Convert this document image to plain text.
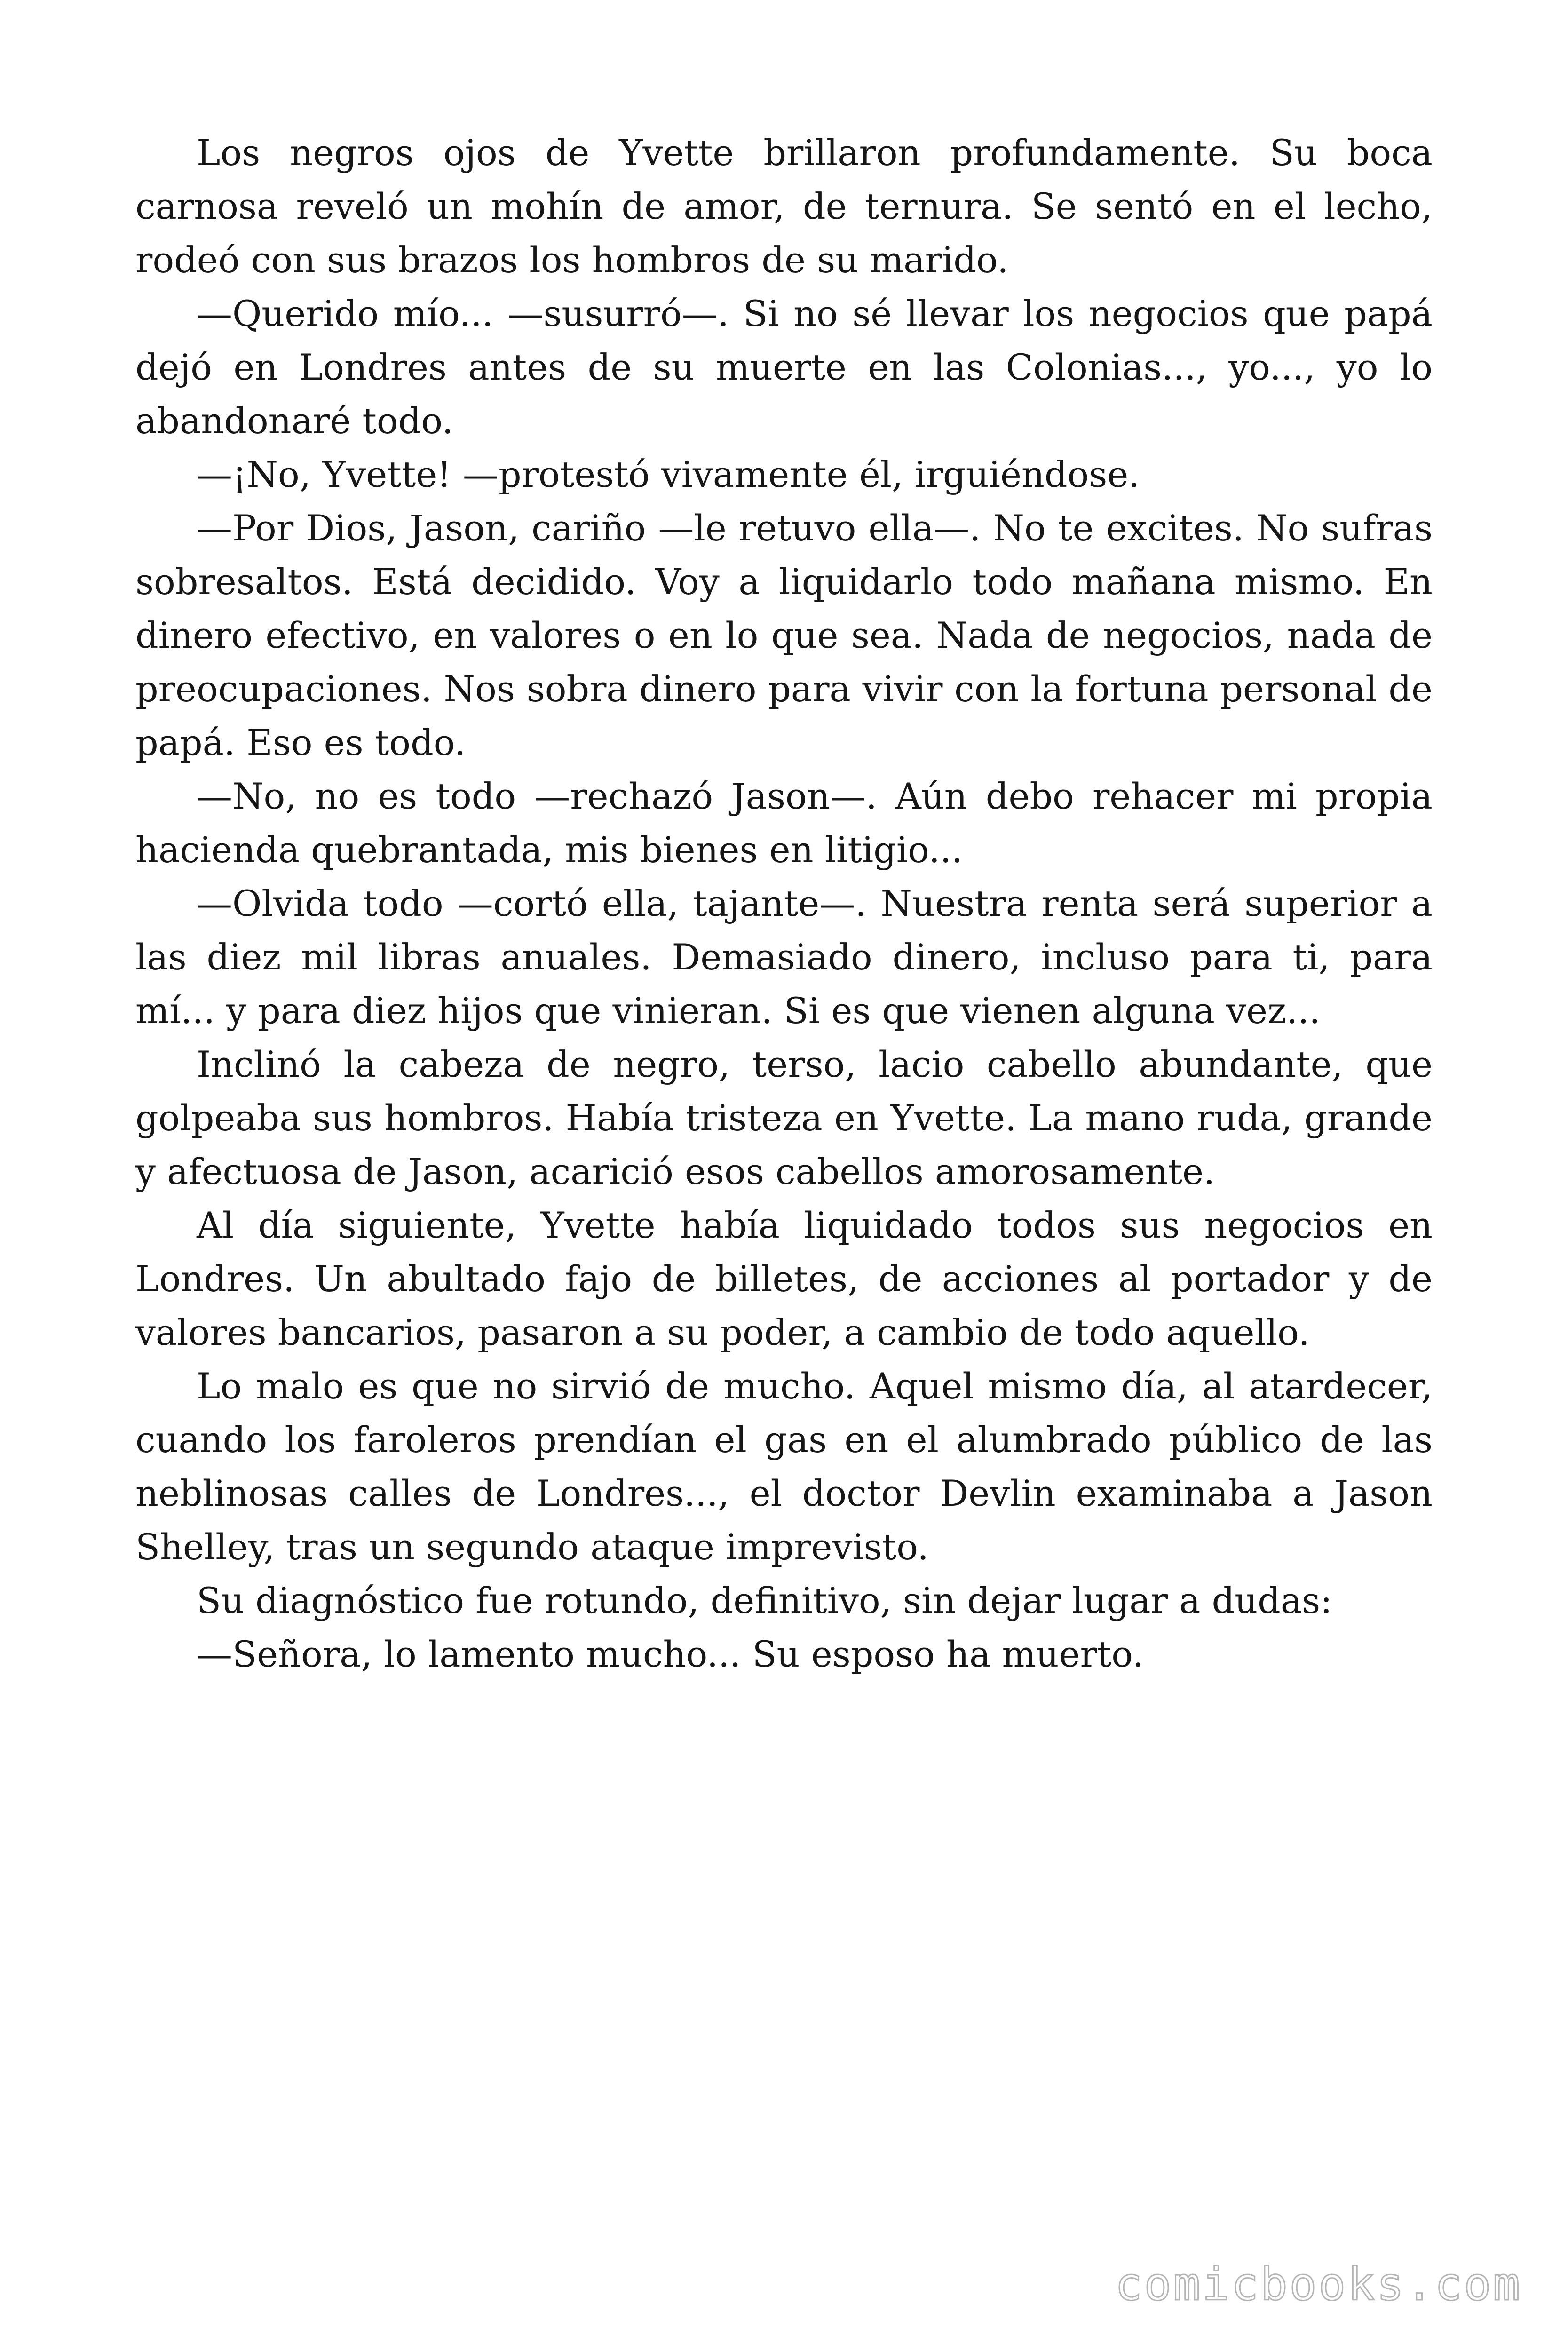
Los negros ojos de Yvette brillaron profundamente. Su boca carnosa reveló un mohín de amor, de ternura. Se sentó en el lecho, rodeó con sus brazos los hombros de su marido.

—Querido mío... —susurró—. Si no sé llevar los negocios que papá dejó en Londres antes de su muerte en las Colonias..., yo..., yo lo abandonaré todo.

—¡No, Yvette! —protestó vivamente él, irguiéndose.

—Por Dios, Jason, cariño —le retuvo ella—. No te excites. No sufras sobresaltos. Está decidido. Voy a liquidarlo todo mañana mismo. En dinero efectivo, en valores o en lo que sea. Nada de negocios, nada de preocupaciones. Nos sobra dinero para vivir con la fortuna personal de papá. Eso es todo.

—No, no es todo —rechazó Jason—. Aún debo rehacer mi propia hacienda quebrantada, mis bienes en litigio...

—Olvida todo —cortó ella, tajante—. Nuestra renta será superior a las diez mil libras anuales. Demasiado dinero, incluso para ti, para mí... y para diez hijos que vinieran. Si es que vienen alguna vez...

Inclinó la cabeza de negro, terso, lacio cabello abundante, que golpeaba sus hombros. Había tristeza en Yvette. La mano ruda, grande y afectuosa de Jason, acarició esos cabellos amorosamente.

Al día siguiente, Yvette había liquidado todos sus negocios en Londres. Un abultado fajo de billetes, de acciones al portador y de valores bancarios, pasaron a su poder, a cambio de todo aquello.

Lo malo es que no sirvió de mucho. Aquel mismo día, al atardecer, cuando los faroleros prendían el gas en el alumbrado público de las neblinosas calles de Londres..., el doctor Devlin examinaba a Jason Shelley, tras un segundo ataque imprevisto.

Su diagnóstico fue rotundo, definitivo, sin dejar lugar a dudas:

—Señora, lo lamento mucho... Su esposo ha muerto.

comicbooks.com
